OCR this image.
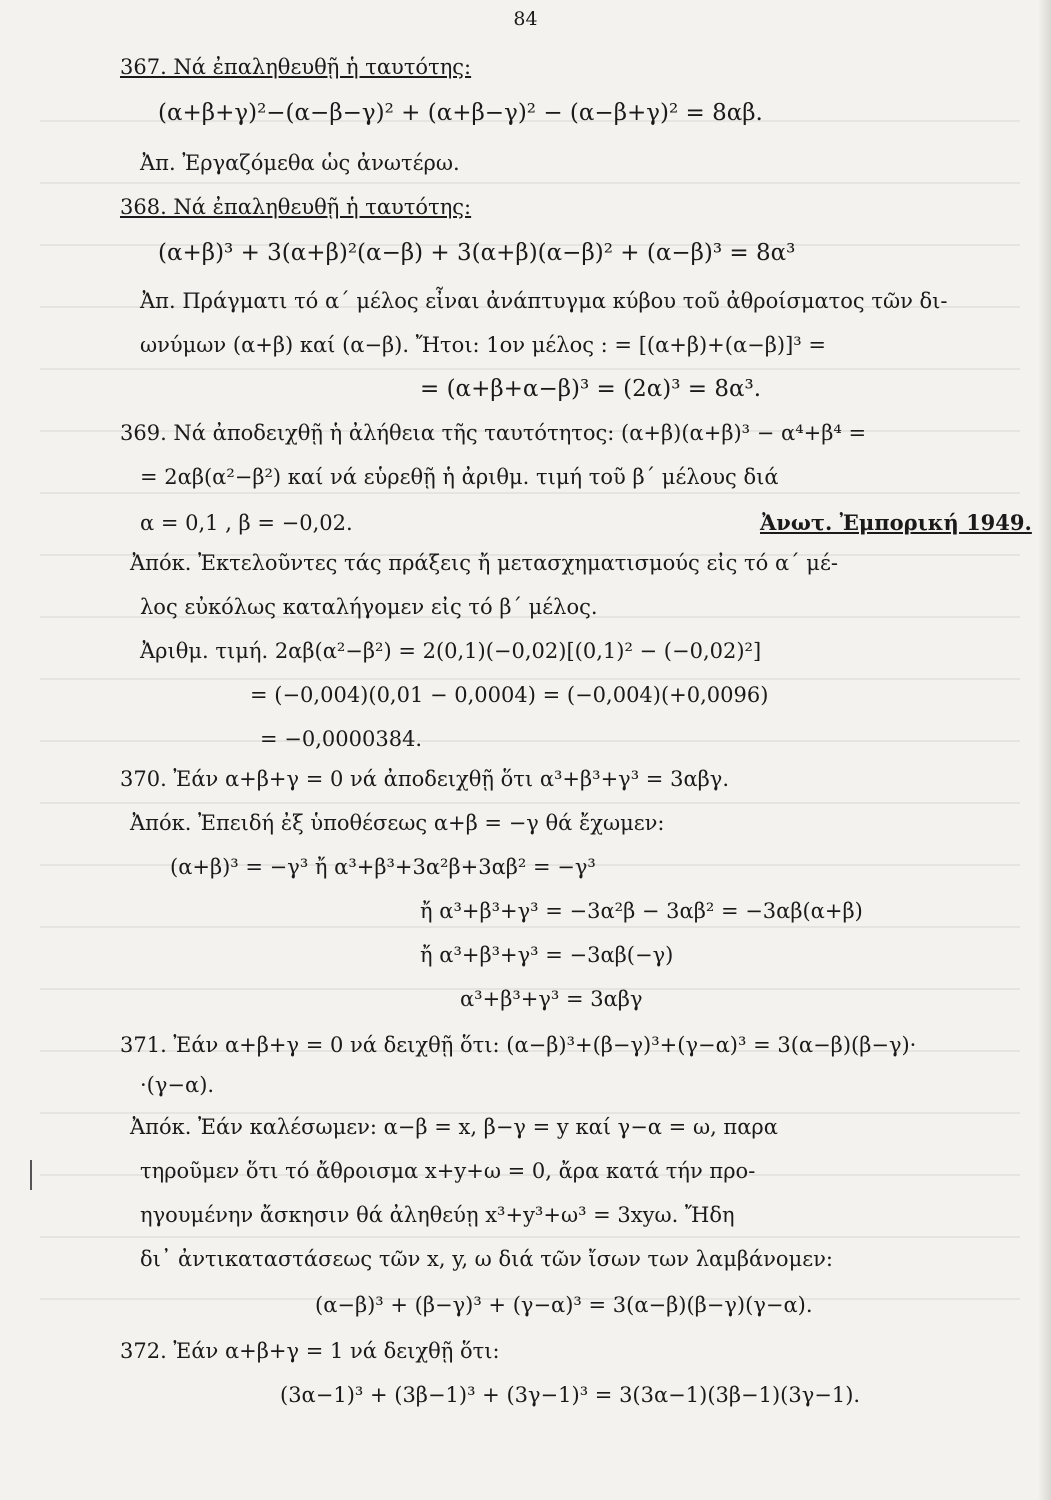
84
367. Νά ἐπαληθευθῇ ἡ ταυτότης:
(α+β+γ)²−(α−β−γ)² + (α+β−γ)² − (α−β+γ)² = 8αβ.
Ἀπ. Ἐργαζόμεθα ὡς ἀνωτέρω.
368. Νά ἐπαληθευθῇ ἡ ταυτότης:
(α+β)³ + 3(α+β)²(α−β) + 3(α+β)(α−β)² + (α−β)³ = 8α³
Ἀπ. Πράγματι τό α΄ μέλος εἶναι ἀνάπτυγμα κύβου τοῦ ἀθροίσματος τῶν δι-
ωνύμων (α+β) καί (α−β). Ἤτοι: 1ον μέλος : = [(α+β)+(α−β)]³ =
= (α+β+α−β)³ = (2α)³ = 8α³.
369. Νά ἀποδειχθῇ ἡ ἀλήθεια τῆς ταυτότητος: (α+β)(α+β)³ − α⁴+β⁴ =
= 2αβ(α²−β²) καί νά εὑρεθῇ ἡ ἀριθμ. τιμή τοῦ β΄ μέλους διά
α = 0,1 , β = −0,02.	Ἀνωτ. Ἐμπορική 1949.
Ἀπόκ. Ἐκτελοῦντες τάς πράξεις ἤ μετασχηματισμούς εἰς τό α΄ μέ-
λος εὐκόλως καταλήγομεν εἰς τό β΄ μέλος.
Ἀριθμ. τιμή. 2αβ(α²−β²) = 2(0,1)(−0,02)[(0,1)² − (−0,02)²]
= (−0,004)(0,01 − 0,0004) = (−0,004)(+0,0096)
= −0,0000384.
370. Ἐάν α+β+γ = 0 νά ἀποδειχθῇ ὅτι α³+β³+γ³ = 3αβγ.
Ἀπόκ. Ἐπειδή ἐξ ὑποθέσεως α+β = −γ θά ἔχωμεν:
(α+β)³ = −γ³ ἤ α³+β³+3α²β+3αβ² = −γ³
ἤ α³+β³+γ³ = −3α²β − 3αβ² = −3αβ(α+β)
ἤ α³+β³+γ³ = −3αβ(−γ)
α³+β³+γ³ = 3αβγ
371. Ἐάν α+β+γ = 0 νά δειχθῇ ὅτι: (α−β)³+(β−γ)³+(γ−α)³ = 3(α−β)(β−γ)·
·(γ−α).
Ἀπόκ. Ἐάν καλέσωμεν: α−β = x, β−γ = y καί γ−α = ω, παρα
τηροῦμεν ὅτι τό ἄθροισμα x+y+ω = 0, ἄρα κατά τήν προ-
ηγουμένην ἄσκησιν θά ἀληθεύῃ x³+y³+ω³ = 3xyω. Ἤδη
δι᾿ ἀντικαταστάσεως τῶν x, y, ω διά τῶν ἴσων των λαμβάνομεν:
(α−β)³ + (β−γ)³ + (γ−α)³ = 3(α−β)(β−γ)(γ−α).
372. Ἐάν α+β+γ = 1 νά δειχθῇ ὅτι:
(3α−1)³ + (3β−1)³ + (3γ−1)³ = 3(3α−1)(3β−1)(3γ−1).
